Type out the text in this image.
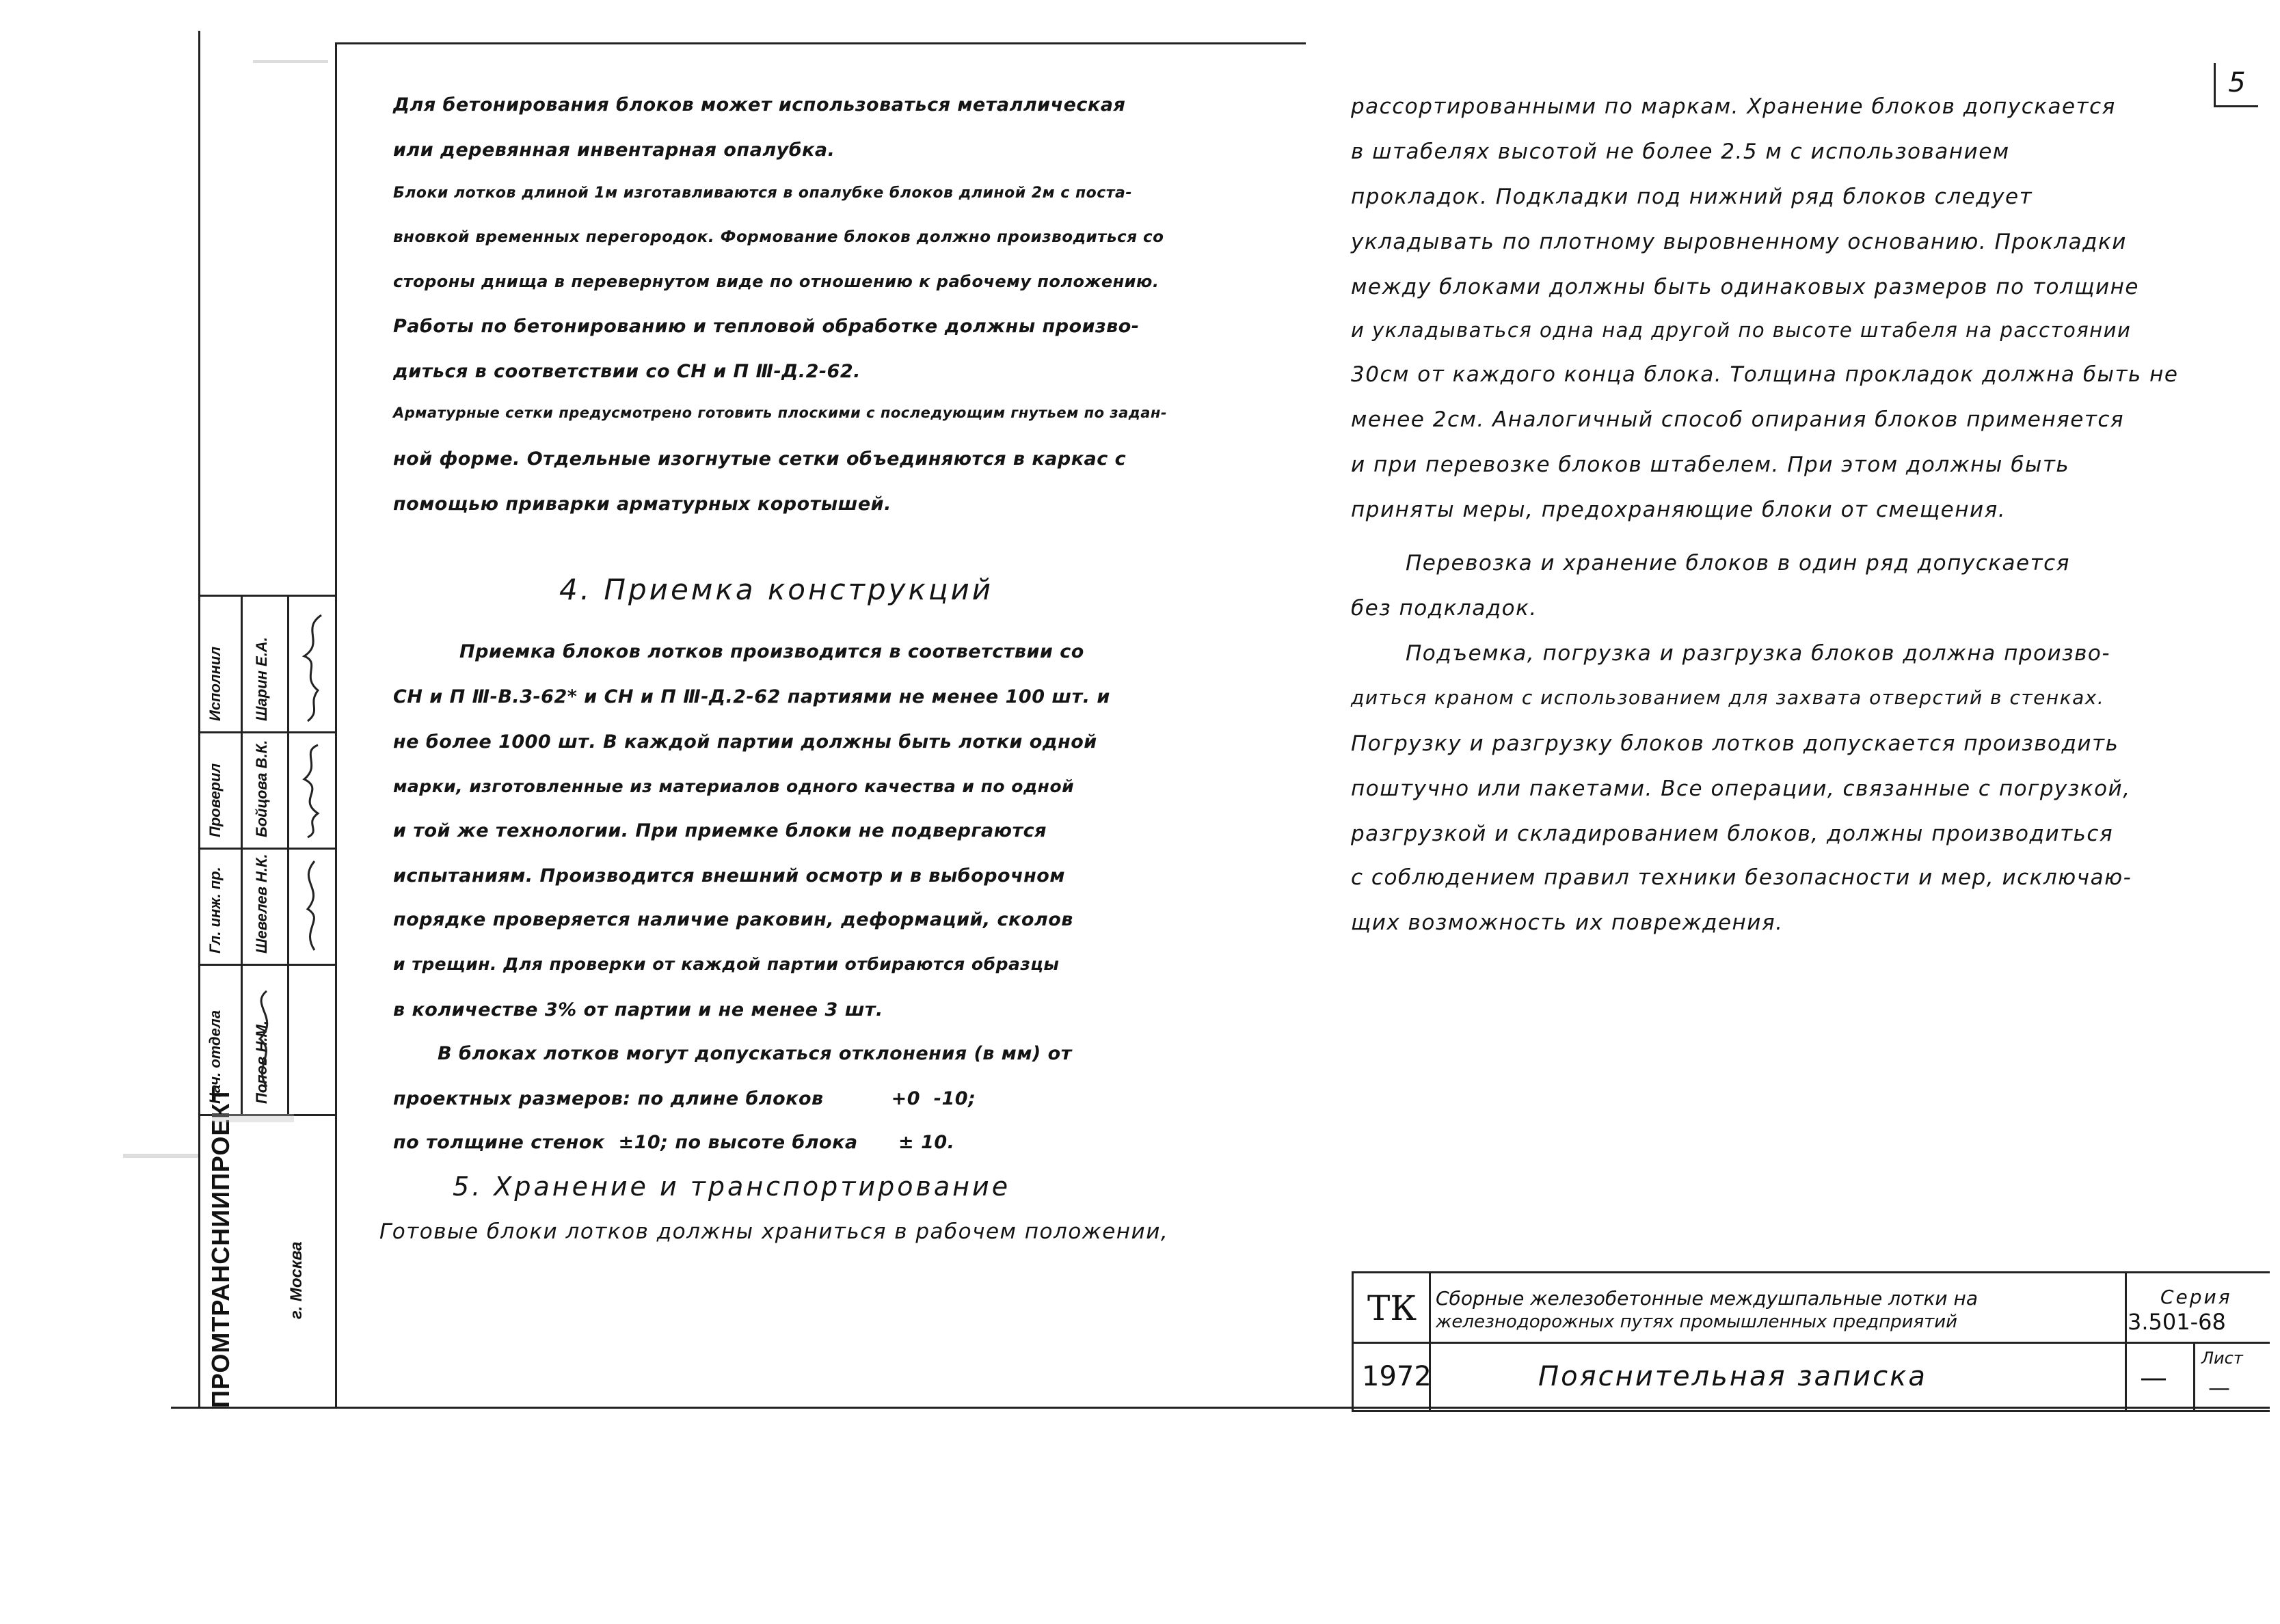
Исполнил
Проверил
Гл. инж. пр.
Нач. отдела
Шарин Е.А.
Бойцова В.К.
Шевелев Н.К.
Попов Н.М.
ПРОМТРАНСНИИПРОЕКТ	г. Москва
5
Для бетонирования блоков может использоваться металлическая
или деревянная инвентарная опалубка.
Блоки лотков длиной 1м изготавливаются в опалубке блоков длиной 2м с поста-
вновкой временных перегородок. Формование блоков должно производиться со
стороны днища в перевернутом виде по отношению к рабочему положению.
Работы по бетонированию и тепловой обработке должны произво-
диться в соответствии со СН и П Ⅲ-Д.2-62.
Арматурные сетки предусмотрено готовить плоскими с последующим гнутьем по задан-
ной форме. Отдельные изогнутые сетки объединяются в каркас с
помощью приварки арматурных коротышей.
4. Приемка конструкций
Приемка блоков лотков производится в соответствии со
СН и П Ⅲ-В.3-62* и СН и П Ⅲ-Д.2-62 партиями не менее 100 шт. и
не более 1000 шт. В каждой партии должны быть лотки одной
марки, изготовленные из материалов одного качества и по одной
и той же технологии. При приемке блоки не подвергаются
испытаниям. Производится внешний осмотр и в выборочном
порядке проверяется наличие раковин, деформаций, сколов
и трещин. Для проверки от каждой партии отбираются образцы
в количестве 3% от партии и не менее 3 шт.
В блоках лотков могут допускаться отклонения (в мм) от
проектных размеров: по длине блоков          +0  -10;
по толщине стенок  ±10; по высоте блока      ± 10.
5. Хранение и транспортирование
Готовые блоки лотков должны храниться в рабочем положении,
рассортированными по маркам. Хранение блоков допускается
в штабелях высотой не более 2.5 м с использованием
прокладок. Подкладки под нижний ряд блоков следует
укладывать по плотному выровненному основанию. Прокладки
между блоками должны быть одинаковых размеров по толщине
и укладываться одна над другой по высоте штабеля на расстоянии
30см от каждого конца блока. Толщина прокладок должна быть не
менее 2см. Аналогичный способ опирания блоков применяется
и при перевозке блоков штабелем. При этом должны быть
приняты меры, предохраняющие блоки от смещения.
Перевозка и хранение блоков в один ряд допускается
без подкладок.
Подъемка, погрузка и разгрузка блоков должна произво-
диться краном с использованием для захвата отверстий в стенках.
Погрузку и разгрузку блоков лотков допускается производить
поштучно или пакетами. Все операции, связанные с погрузкой,
разгрузкой и складированием блоков, должны производиться
с соблюдением правил техники безопасности и мер, исключаю-
щих возможность их повреждения.
ТК
1972
Сборные железобетонные междушпальные лотки на
железнодорожных путях промышленных предприятий
Пояснительная записка
Серия
3.501-68
—
Лист
—
